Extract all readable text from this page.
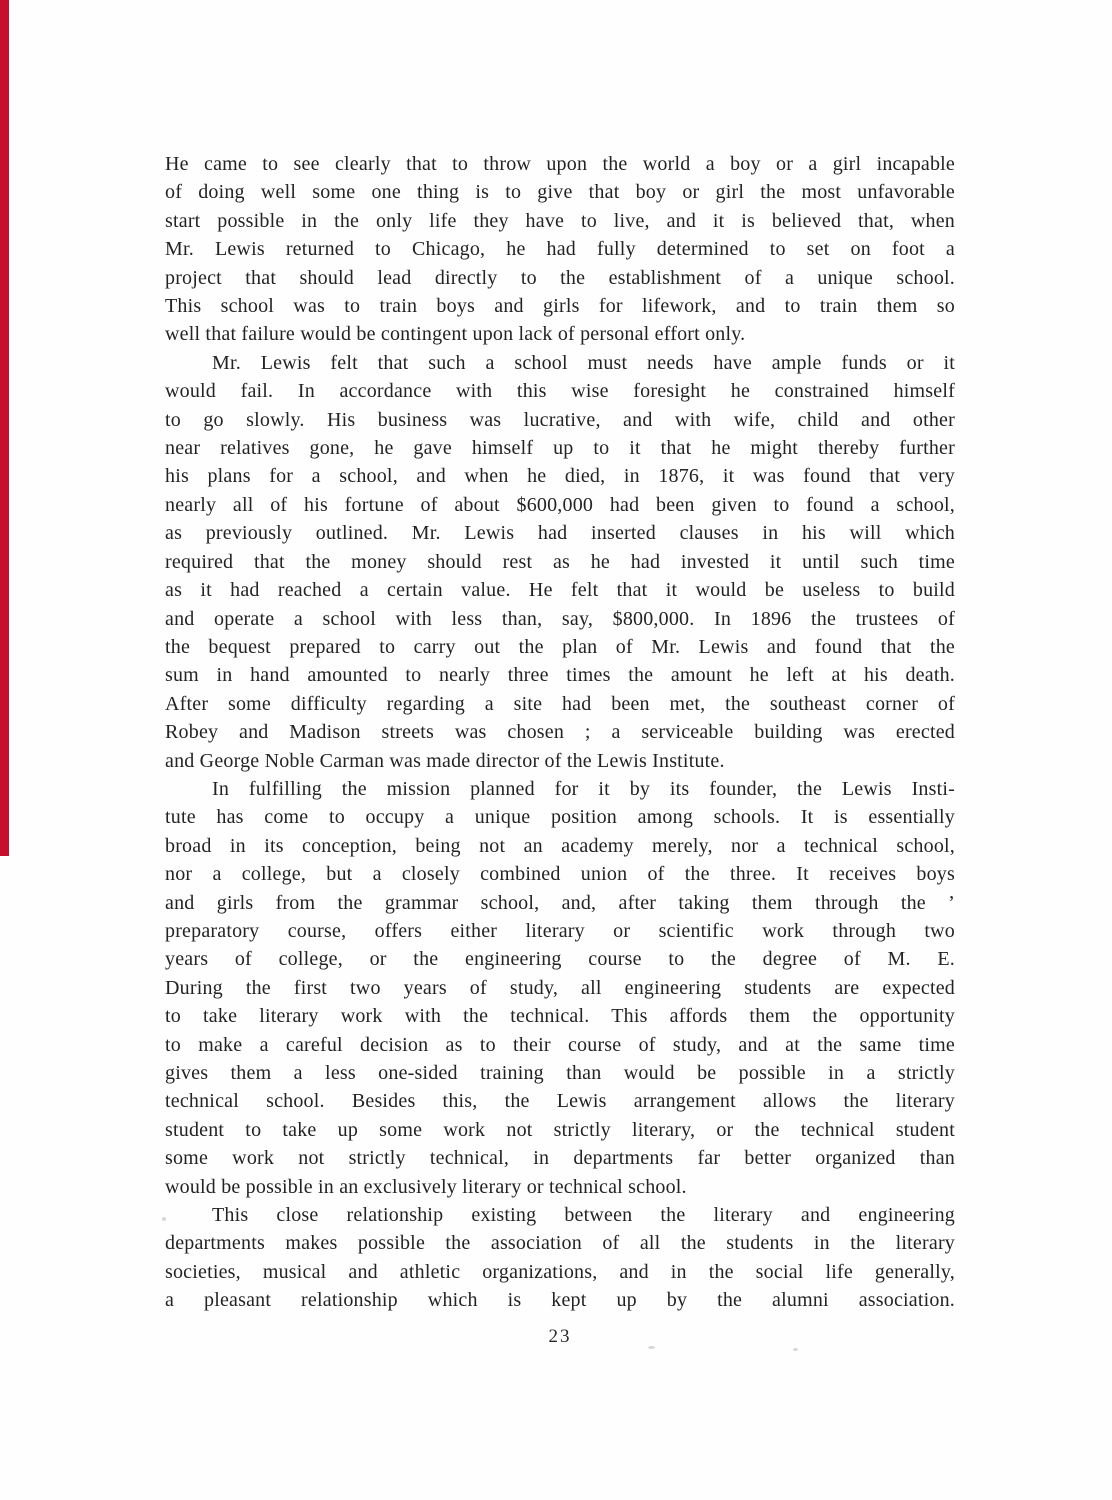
He came to see clearly that to throw upon the world a boy or a girl incapable
of doing well some one thing is to give that boy or girl the most unfavorable
start possible in the only life they have to live, and it is believed that, when
Mr. Lewis returned to Chicago, he had fully determined to set on foot a
project that should lead directly to the establishment of a unique school.
This school was to train boys and girls for lifework, and to train them so
well that failure would be contingent upon lack of personal effort only.
Mr. Lewis felt that such a school must needs have ample funds or it
would fail. In accordance with this wise foresight he constrained himself
to go slowly. His business was lucrative, and with wife, child and other
near relatives gone, he gave himself up to it that he might thereby further
his plans for a school, and when he died, in 1876, it was found that very
nearly all of his fortune of about $600,000 had been given to found a school,
as previously outlined. Mr. Lewis had inserted clauses in his will which
required that the money should rest as he had invested it until such time
as it had reached a certain value. He felt that it would be useless to build
and operate a school with less than, say, $800,000. In 1896 the trustees of
the bequest prepared to carry out the plan of Mr. Lewis and found that the
sum in hand amounted to nearly three times the amount he left at his death.
After some difficulty regarding a site had been met, the southeast corner of
Robey and Madison streets was chosen ; a serviceable building was erected
and George Noble Carman was made director of the Lewis Institute.
In fulfilling the mission planned for it by its founder, the Lewis Insti-
tute has come to occupy a unique position among schools. It is essentially
broad in its conception, being not an academy merely, nor a technical school,
nor a college, but a closely combined union of the three. It receives boys
and girls from the grammar school, and, after taking them through the ’
preparatory course, offers either literary or scientific work through two
years of college, or the engineering course to the degree of M. E.
During the first two years of study, all engineering students are expected
to take literary work with the technical. This affords them the opportunity
to make a careful decision as to their course of study, and at the same time
gives them a less one-sided training than would be possible in a strictly
technical school. Besides this, the Lewis arrangement allows the literary
student to take up some work not strictly literary, or the technical student
some work not strictly technical, in departments far better organized than
would be possible in an exclusively literary or technical school.
This close relationship existing between the literary and engineering
departments makes possible the association of all the students in the literary
societies, musical and athletic organizations, and in the social life generally,
a pleasant relationship which is kept up by the alumni association.
23
